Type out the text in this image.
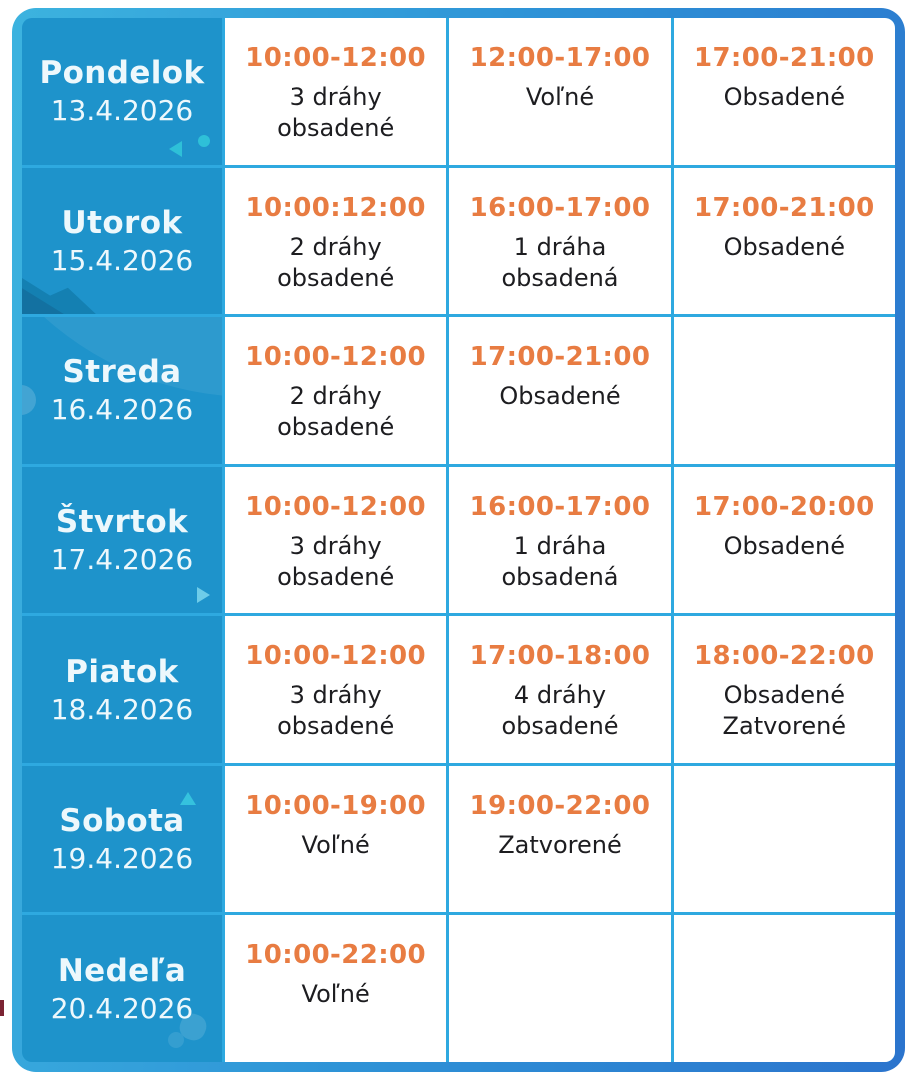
Pondelok
13.4.2026
10:00-12:00
3 dráhy obsadené
12:00-17:00
Voľné
17:00-21:00
Obsadené
Utorok
15.4.2026
10:00:12:00
2 dráhy obsadené
16:00-17:00
1 dráha obsadená
17:00-21:00
Obsadené
Streda
16.4.2026
10:00-12:00
2 dráhy obsadené
17:00-21:00
Obsadené
Štvrtok
17.4.2026
10:00-12:00
3 dráhy obsadené
16:00-17:00
1 dráha obsadená
17:00-20:00
Obsadené
Piatok
18.4.2026
10:00-12:00
3 dráhy obsadené
17:00-18:00
4 dráhy obsadené
18:00-22:00
Obsadené Zatvorené
Sobota
19.4.2026
10:00-19:00
Voľné
19:00-22:00
Zatvorené
Nedeľa
20.4.2026
10:00-22:00
Voľné
